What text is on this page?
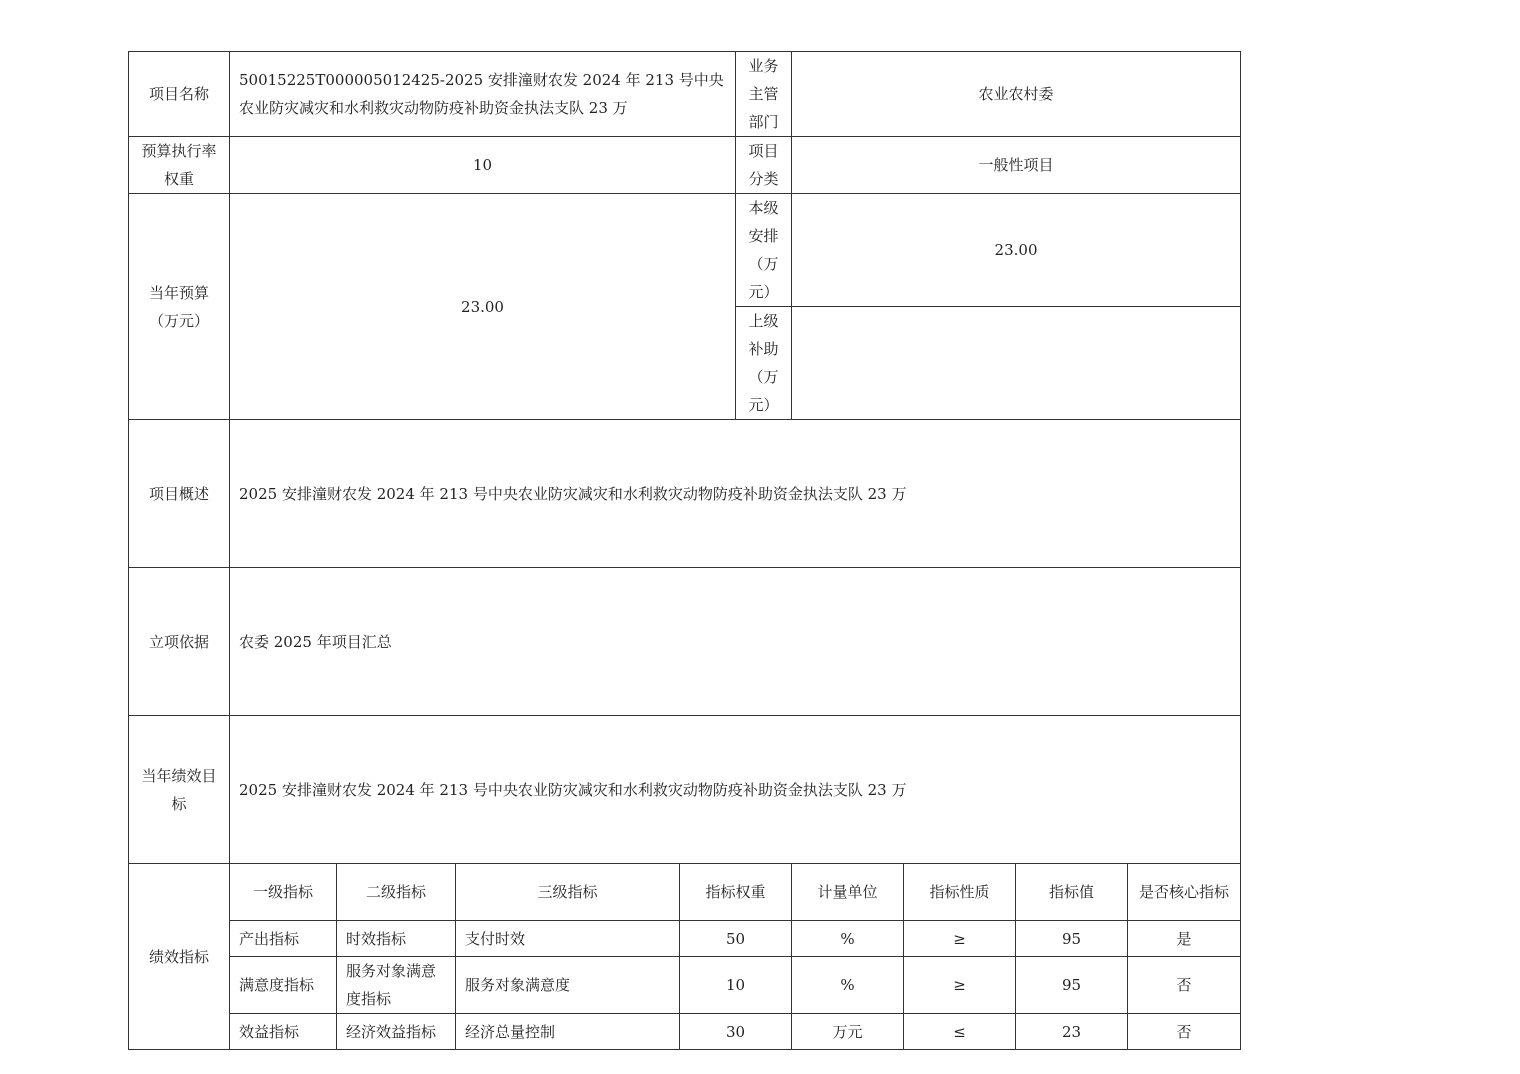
项目名称	50015225T000005012425-2025 安排潼财农发 2024 年 213 号中央农业防灾减灾和水利救灾动物防疫补助资金执法支队 23 万				业务主管部门	农业农村委			
预算执行率权重	10				项目分类	一般性项目			
当年预算（万元）	23.00				本级安排（万元）	23.00			
					上级补助（万元）				
项目概述	2025 安排潼财农发 2024 年 213 号中央农业防灾减灾和水利救灾动物防疫补助资金执法支队 23 万								
立项依据	农委 2025 年项目汇总								
当年绩效目标	2025 安排潼财农发 2024 年 213 号中央农业防灾减灾和水利救灾动物防疫补助资金执法支队 23 万								
绩效指标	一级指标	二级指标	三级指标	指标权重		计量单位	指标性质	指标值	是否核心指标
	产出指标	时效指标	支付时效	50		%	≥	95	是
	满意度指标	服务对象满意度指标	服务对象满意度	10		%	≥	95	否
	效益指标	经济效益指标	经济总量控制	30		万元	≤	23	否
